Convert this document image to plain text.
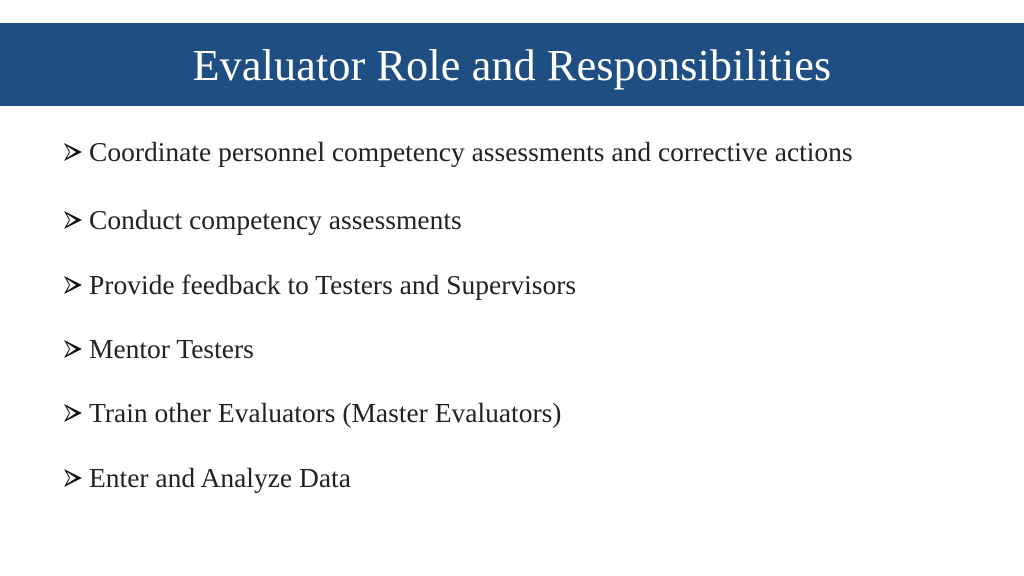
Evaluator Role and Responsibilities
Coordinate personnel competency assessments and corrective actions
Conduct competency assessments
Provide feedback to Testers and Supervisors
Mentor Testers
Train other Evaluators (Master Evaluators)
Enter and Analyze Data
